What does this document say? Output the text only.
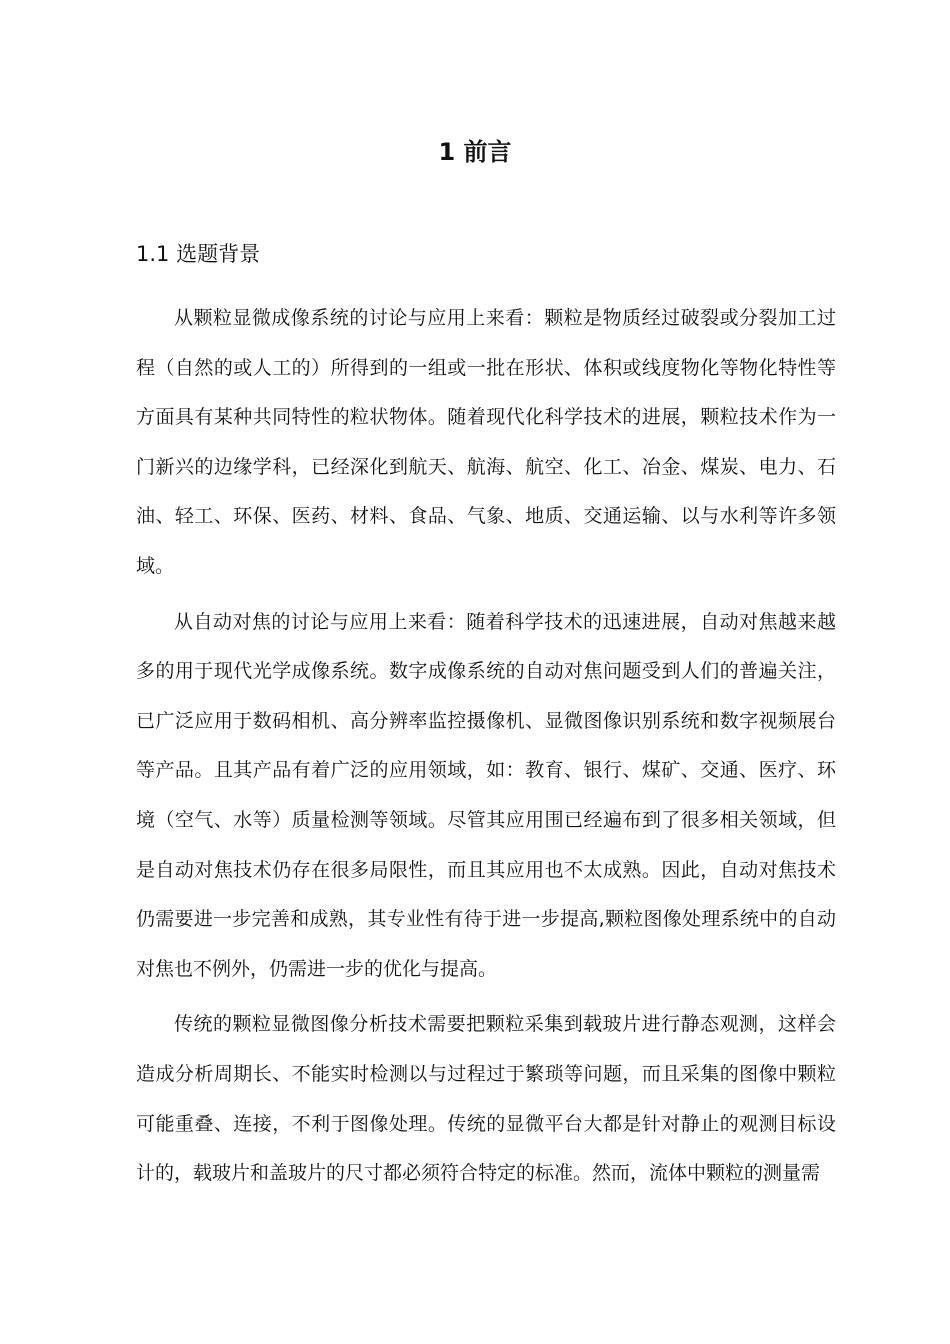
1 前言
1.1 选题背景

从颗粒显微成像系统的讨论与应用上来看：颗粒是物质经过破裂或分裂加工过程（自然的或人工的）所得到的一组或一批在形状、体积或线度物化等物化特性等方面具有某种共同特性的粒状物体。随着现代化科学技术的进展，颗粒技术作为一门新兴的边缘学科，已经深化到航天、航海、航空、化工、冶金、煤炭、电力、石油、轻工、环保、医药、材料、食品、气象、地质、交通运输、以与水利等许多领域。

从自动对焦的讨论与应用上来看：随着科学技术的迅速进展，自动对焦越来越多的用于现代光学成像系统。数字成像系统的自动对焦问题受到人们的普遍关注，已广泛应用于数码相机、高分辨率监控摄像机、显微图像识别系统和数字视频展台等产品。且其产品有着广泛的应用领域，如：教育、银行、煤矿、交通、医疗、环境（空气、水等）质量检测等领域。尽管其应用围已经遍布到了很多相关领域，但是自动对焦技术仍存在很多局限性，而且其应用也不太成熟。因此，自动对焦技术仍需要进一步完善和成熟，其专业性有待于进一步提高,颗粒图像处理系统中的自动对焦也不例外，仍需进一步的优化与提高。

传统的颗粒显微图像分析技术需要把颗粒采集到载玻片进行静态观测，这样会造成分析周期长、不能实时检测以与过程过于繁琐等问题，而且采集的图像中颗粒可能重叠、连接，不利于图像处理。传统的显微平台大都是针对静止的观测目标设计的，载玻片和盖玻片的尺寸都必须符合特定的标准。然而，流体中颗粒的测量需
